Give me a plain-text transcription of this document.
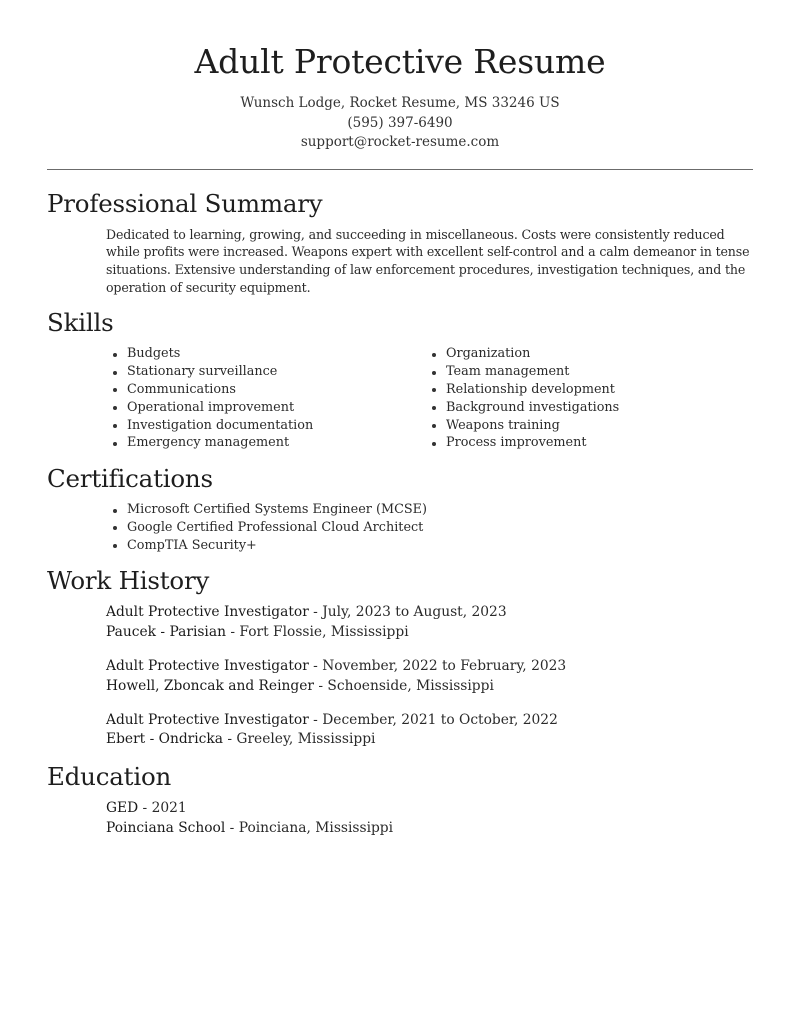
Adult Protective Resume
Wunsch Lodge, Rocket Resume, MS 33246 US
(595) 397-6490
support@rocket-resume.com
Professional Summary

Dedicated to learning, growing, and succeeding in miscellaneous. Costs were consistently reduced while profits were increased. Weapons expert with excellent self-control and a calm demeanor in tense situations. Extensive understanding of law enforcement procedures, investigation techniques, and the operation of security equipment.

Skills
Budgets
Stationary surveillance
Communications
Operational improvement
Investigation documentation
Emergency management
Organization
Team management
Relationship development
Background investigations
Weapons training
Process improvement
Certifications
Microsoft Certified Systems Engineer (MCSE)
Google Certified Professional Cloud Architect
CompTIA Security+
Work History
Adult Protective Investigator - July, 2023 to August, 2023
Paucek - Parisian - Fort Flossie, Mississippi
Adult Protective Investigator - November, 2022 to February, 2023
Howell, Zboncak and Reinger - Schoenside, Mississippi
Adult Protective Investigator - December, 2021 to October, 2022
Ebert - Ondricka - Greeley, Mississippi
Education
GED - 2021
Poinciana School - Poinciana, Mississippi
